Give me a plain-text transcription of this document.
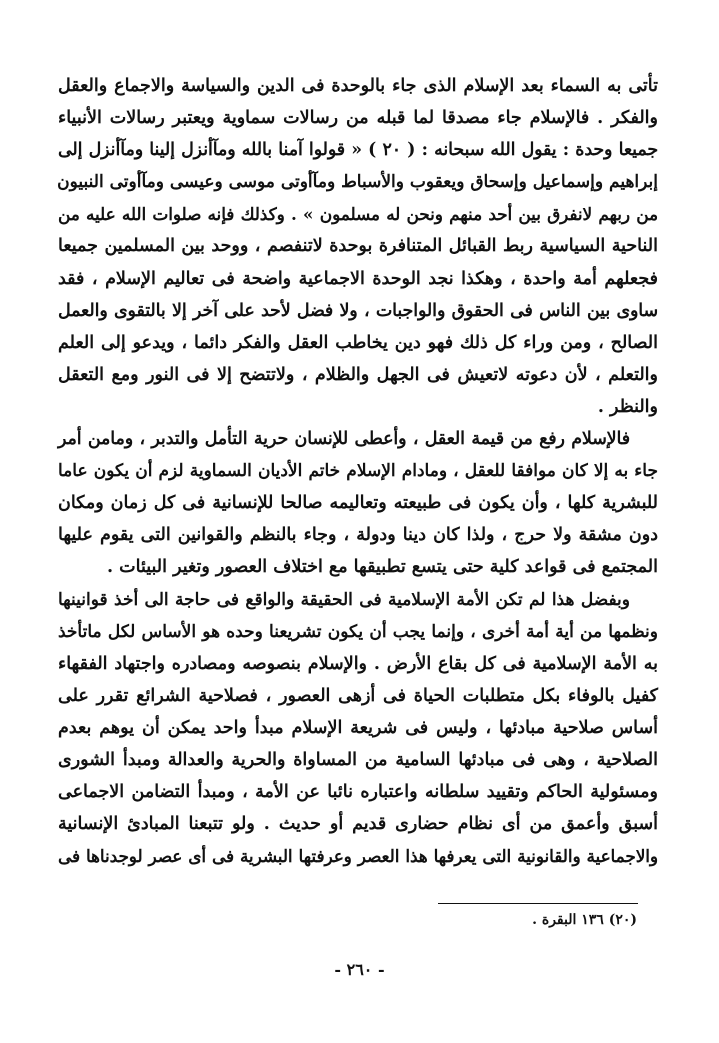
تأتى به السماء بعد الإسلام الذى جاء بالوحدة فى الدين والسياسة والاجماع والعقل
والفكر . فالإسلام جاء مصدقا لما قبله من رسالات سماوية ويعتبر رسالات الأنبياء
جميعا وحدة : يقول الله سبحانه : ( ٢٠ ) « قولوا آمنا بالله ومآأنزل إلينا ومآأنزل إلى
إبراهيم وإسماعيل وإسحاق ويعقوب والأسباط ومآأوتى موسى وعيسى ومآأوتى النبيون
من ربهم لانفرق بين أحد منهم ونحن له مسلمون » . وكذلك فإنه صلوات الله عليه من
الناحية السياسية ربط القبائل المتنافرة بوحدة لاتنفصم ، ووحد بين المسلمين جميعا
فجعلهم أمة واحدة ، وهكذا نجد الوحدة الاجماعية واضحة فى تعاليم الإسلام ، فقد
ساوى بين الناس فى الحقوق والواجبات ، ولا فضل لأحد على آخر إلا بالتقوى والعمل
الصالح ، ومن وراء كل ذلك فهو دين يخاطب العقل والفكر دائما ، ويدعو إلى العلم
والتعلم ، لأن دعوته لاتعيش فى الجهل والظلام ، ولاتتضح إلا فى النور ومع التعقل
والنظر .
فالإسلام رفع من قيمة العقل ، وأعطى للإنسان حرية التأمل والتدبر ، ومامن أمر
جاء به إلا كان موافقا للعقل ، ومادام الإسلام خاتم الأديان السماوية لزم أن يكون عاما
للبشرية كلها ، وأن يكون فى طبيعته وتعاليمه صالحا للإنسانية فى كل زمان ومكان
دون مشقة ولا حرج ، ولذا كان دينا ودولة ، وجاء بالنظم والقوانين التى يقوم عليها
المجتمع فى قواعد كلية حتى يتسع تطبيقها مع اختلاف العصور وتغير البيئات .
وبفضل هذا لم تكن الأمة الإسلامية فى الحقيقة والواقع فى حاجة الى أخذ قوانينها
ونظمها من أية أمة أخرى ، وإنما يجب أن يكون تشريعنا وحده هو الأساس لكل ماتأخذ
به الأمة الإسلامية فى كل بقاع الأرض . والإسلام بنصوصه ومصادره واجتهاد الفقهاء
كفيل بالوفاء بكل متطلبات الحياة فى أزهى العصور ، فصلاحية الشرائع تقرر على
أساس صلاحية مبادئها ، وليس فى شريعة الإسلام مبدأ واحد يمكن أن يوهم بعدم
الصلاحية ، وهى فى مبادئها السامية من المساواة والحرية والعدالة ومبدأ الشورى
ومسئولية الحاكم وتقييد سلطانه واعتباره نائبا عن الأمة ، ومبدأ التضامن الاجماعى
أسبق وأعمق من أى نظام حضارى قديم أو حديث . ولو تتبعنا المبادئ الإنسانية
والاجماعية والقانونية التى يعرفها هذا العصر وعرفتها البشرية فى أى عصر لوجدناها فى
(٢٠) ١٣٦ البقرة .
- ٢٦٠ -
